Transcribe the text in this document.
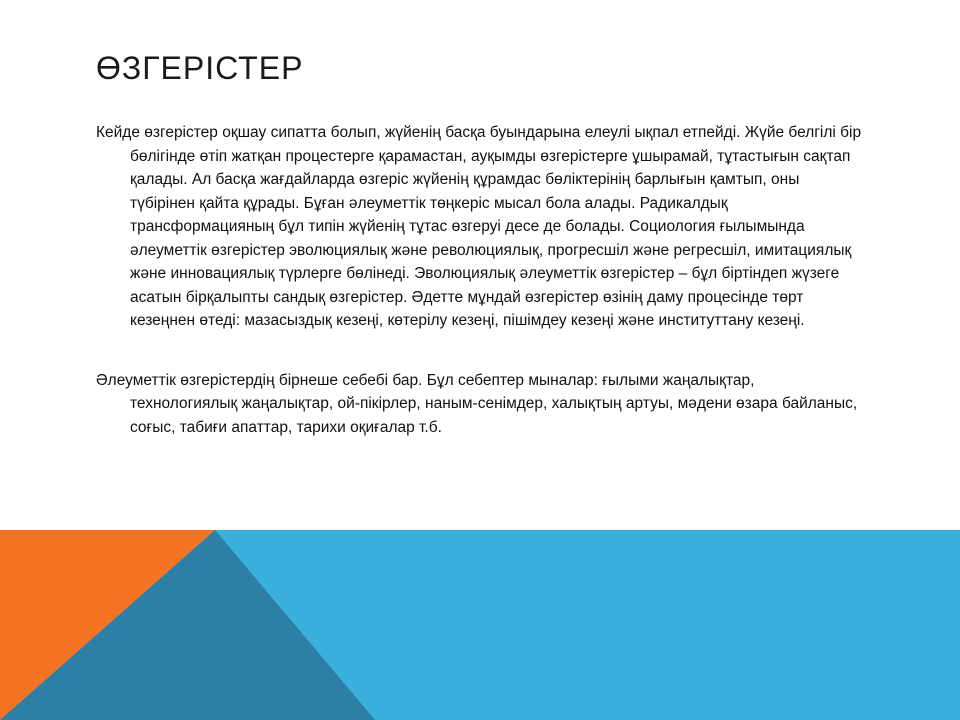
ӨЗГЕРІСТЕР

Кейде өзгерістер оқшау сипатта болып, жүйенің басқа буындарына елеулі ықпал етпейді. Жүйе белгілі бір бөлігінде өтіп жатқан процестерге қарамастан, ауқымды өзгерістерге ұшырамай, тұтастығын сақтап қалады. Ал басқа жағдайларда өзгеріс жүйенің құрамдас бөліктерінің барлығын қамтып, оны түбірінен қайта құрады. Бұған әлеуметтік төңкеріс мысал бола алады. Радикалдық трансформацияның бұл типін жүйенің тұтас өзгеруі десе де болады. Социология ғылымында әлеуметтік өзгерістер эволюциялық және революциялық, прогресшіл және регресшіл, имитациялық және инновациялық түрлерге бөлінеді. Эволюциялық әлеуметтік өзгерістер – бұл біртіндеп жүзеге асатын бірқалыпты сандық өзгерістер. Әдетте мұндай өзгерістер өзінің даму процесінде төрт кезеңнен өтеді: мазасыздық кезеңі, көтерілу кезеңі, пішімдеу кезеңі және институттану кезеңі.

Әлеуметтік өзгерістердің бірнеше себебі бар. Бұл себептер мыналар: ғылыми жаңалықтар, технологиялық жаңалықтар, ой-пікірлер, наным-сенімдер, халықтың артуы, мәдени өзара байланыс, соғыс, табиғи апаттар, тарихи оқиғалар т.б.
